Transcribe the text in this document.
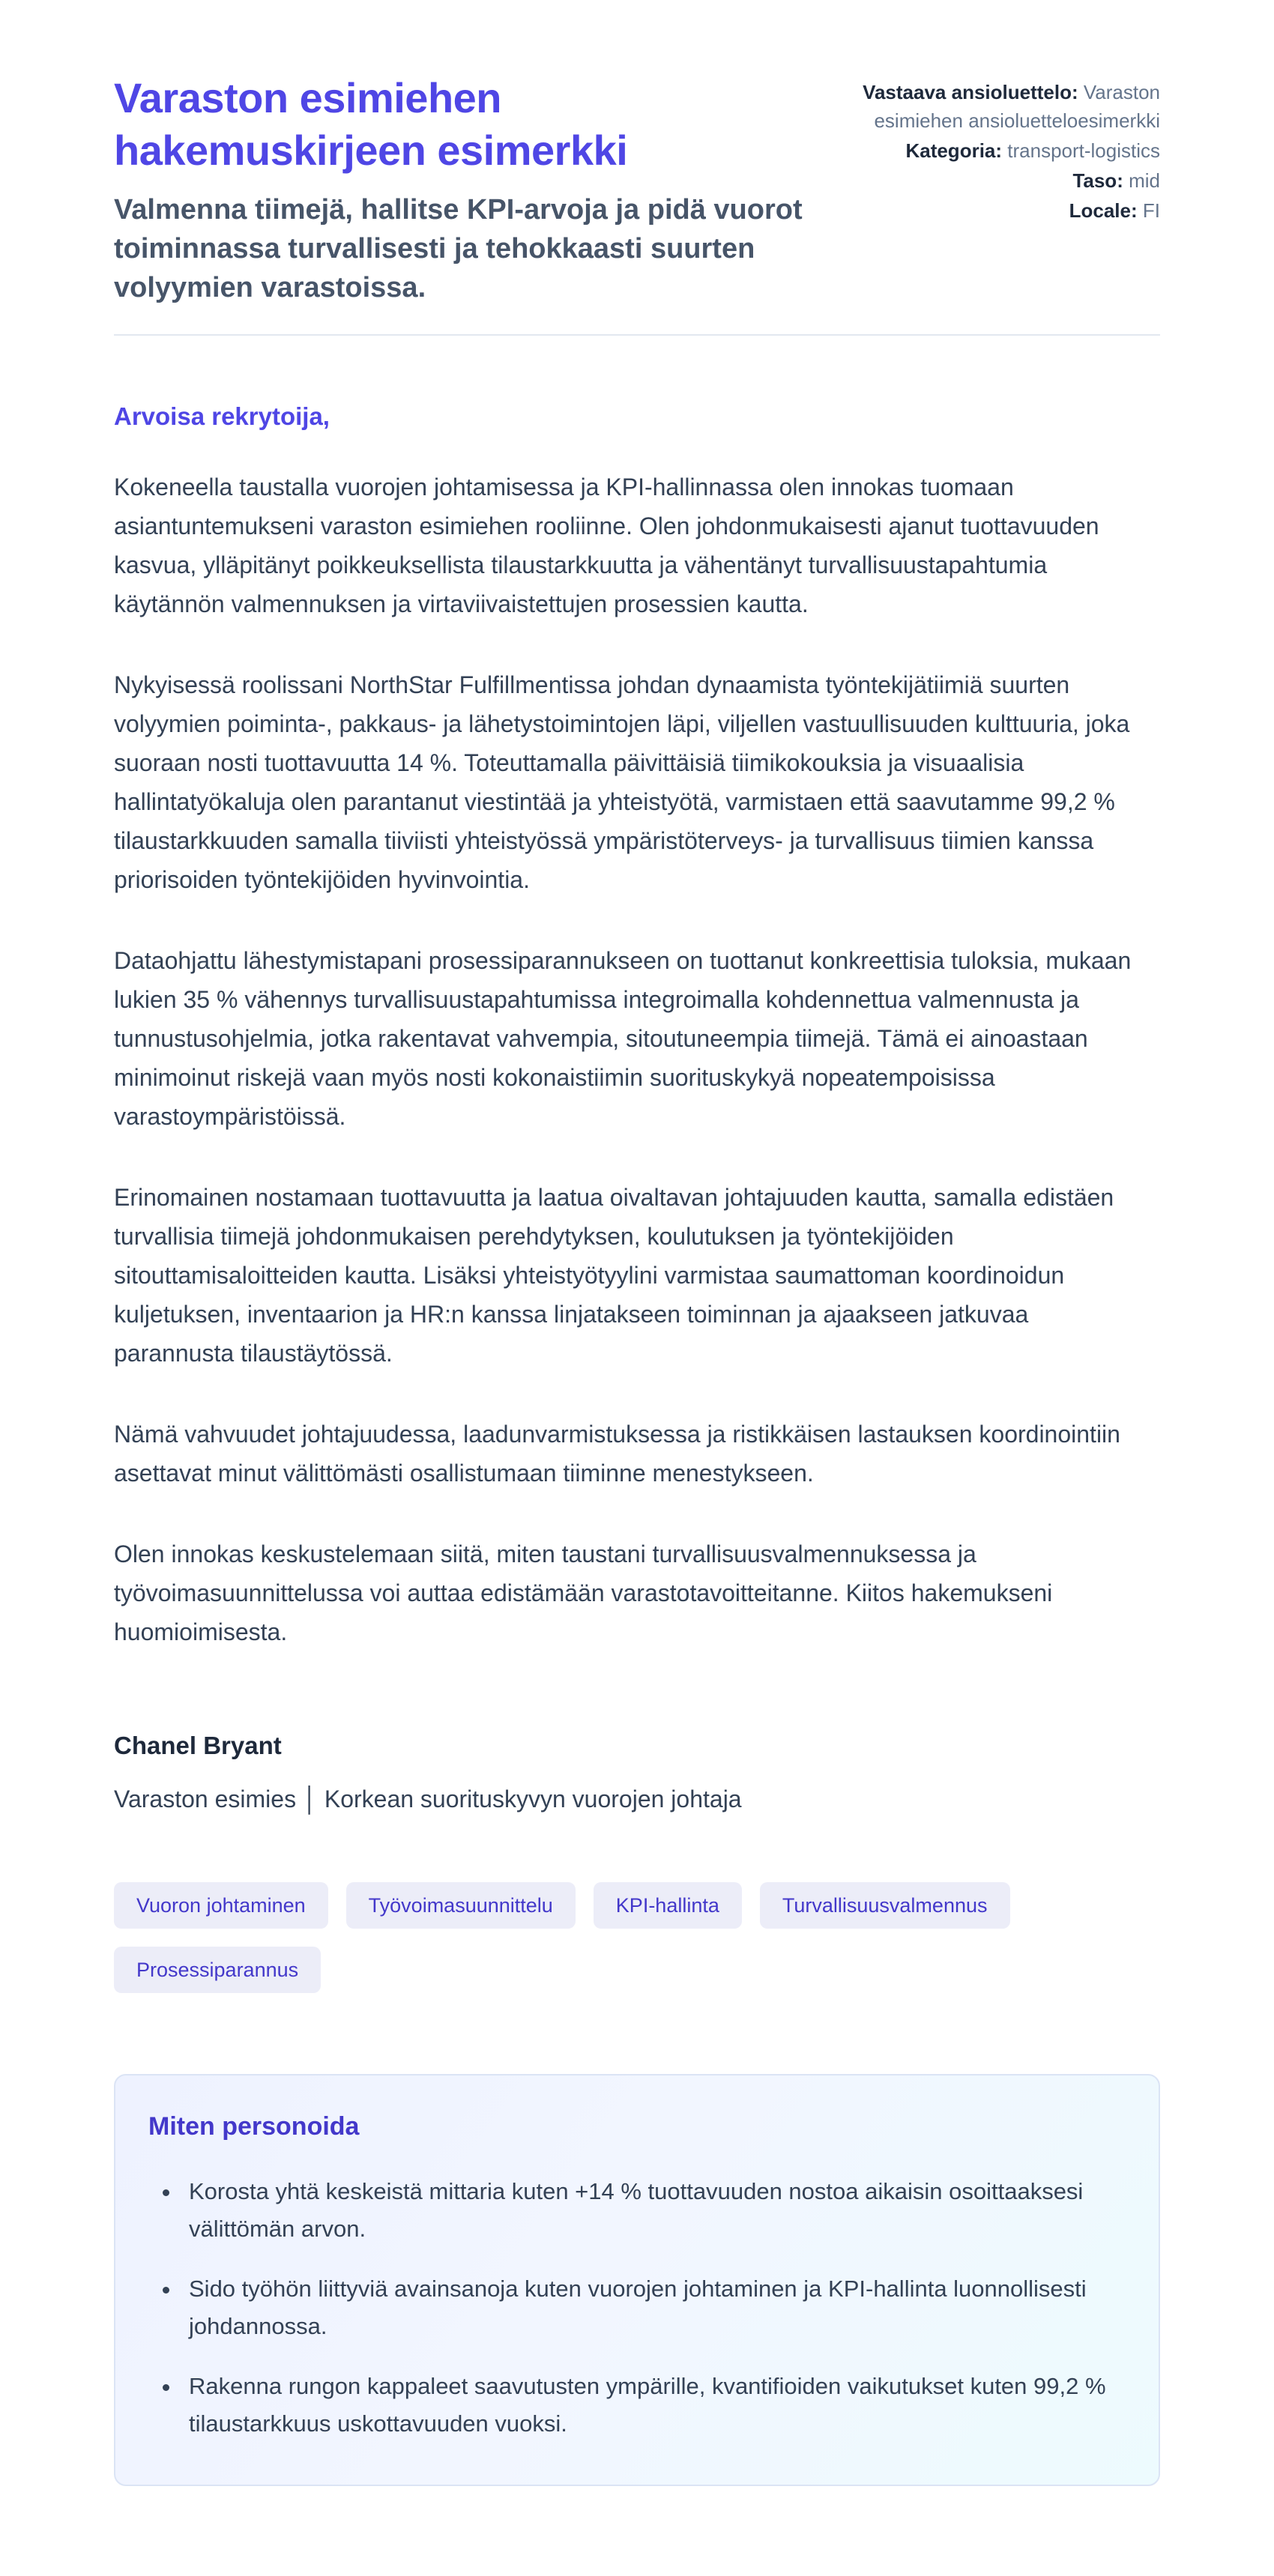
Varaston esimiehen hakemuskirjeen esimerkki

Valmenna tiimejä, hallitse KPI-arvoja ja pidä vuorot toiminnassa turvallisesti ja tehokkaasti suurten volyymien varastoissa.

Vastaava ansioluettelo: Varaston esimiehen ansioluetteloesimerkki
Kategoria: transport-logistics
Taso: mid
Locale: FI

Arvoisa rekrytoija,

Kokeneella taustalla vuorojen johtamisessa ja KPI-hallinnassa olen innokas tuomaan asiantuntemukseni varaston esimiehen rooliinne. Olen johdonmukaisesti ajanut tuottavuuden kasvua, ylläpitänyt poikkeuksellista tilaustarkkuutta ja vähentänyt turvallisuustapahtumia käytännön valmennuksen ja virtaviivaistettujen prosessien kautta.

Nykyisessä roolissani NorthStar Fulfillmentissa johdan dynaamista työntekijätiimiä suurten volyymien poiminta-, pakkaus- ja lähetystoimintojen läpi, viljellen vastuullisuuden kulttuuria, joka suoraan nosti tuottavuutta 14 %. Toteuttamalla päivittäisiä tiimikokouksia ja visuaalisia hallintatyökaluja olen parantanut viestintää ja yhteistyötä, varmistaen että saavutamme 99,2 % tilaustarkkuuden samalla tiiviisti yhteistyössä ympäristöterveys- ja turvallisuus tiimien kanssa priorisoiden työntekijöiden hyvinvointia.

Dataohjattu lähestymistapani prosessiparannukseen on tuottanut konkreettisia tuloksia, mukaan lukien 35 % vähennys turvallisuustapahtumissa integroimalla kohdennettua valmennusta ja tunnustusohjelmia, jotka rakentavat vahvempia, sitoutuneempia tiimejä. Tämä ei ainoastaan minimoinut riskejä vaan myös nosti kokonaistiimin suorituskykyä nopeatempoisissa varastoympäristöissä.

Erinomainen nostamaan tuottavuutta ja laatua oivaltavan johtajuuden kautta, samalla edistäen turvallisia tiimejä johdonmukaisen perehdytyksen, koulutuksen ja työntekijöiden sitouttamisaloitteiden kautta. Lisäksi yhteistyötyylini varmistaa saumattoman koordinoidun kuljetuksen, inventaarion ja HR:n kanssa linjatakseen toiminnan ja ajaakseen jatkuvaa parannusta tilaustäytössä.

Nämä vahvuudet johtajuudessa, laadunvarmistuksessa ja ristikkäisen lastauksen koordinointiin asettavat minut välittömästi osallistumaan tiiminne menestykseen.

Olen innokas keskustelemaan siitä, miten taustani turvallisuusvalmennuksessa ja työvoimasuunnittelussa voi auttaa edistämään varastotavoitteitanne. Kiitos hakemukseni huomioimisesta.

Chanel Bryant

Varaston esimies │ Korkean suorituskyvyn vuorojen johtaja

Vuoron johtaminen	Työvoimasuunnittelu	KPI-hallinta	Turvallisuusvalmennus
Prosessiparannus
Miten personoida
• Korosta yhtä keskeistä mittaria kuten +14 % tuottavuuden nostoa aikaisin osoittaaksesi välittömän arvon.
• Sido työhön liittyviä avainsanoja kuten vuorojen johtaminen ja KPI-hallinta luonnollisesti johdannossa.
• Rakenna rungon kappaleet saavutusten ympärille, kvantifioiden vaikutukset kuten 99,2 % tilaustarkkuus uskottavuuden vuoksi.
